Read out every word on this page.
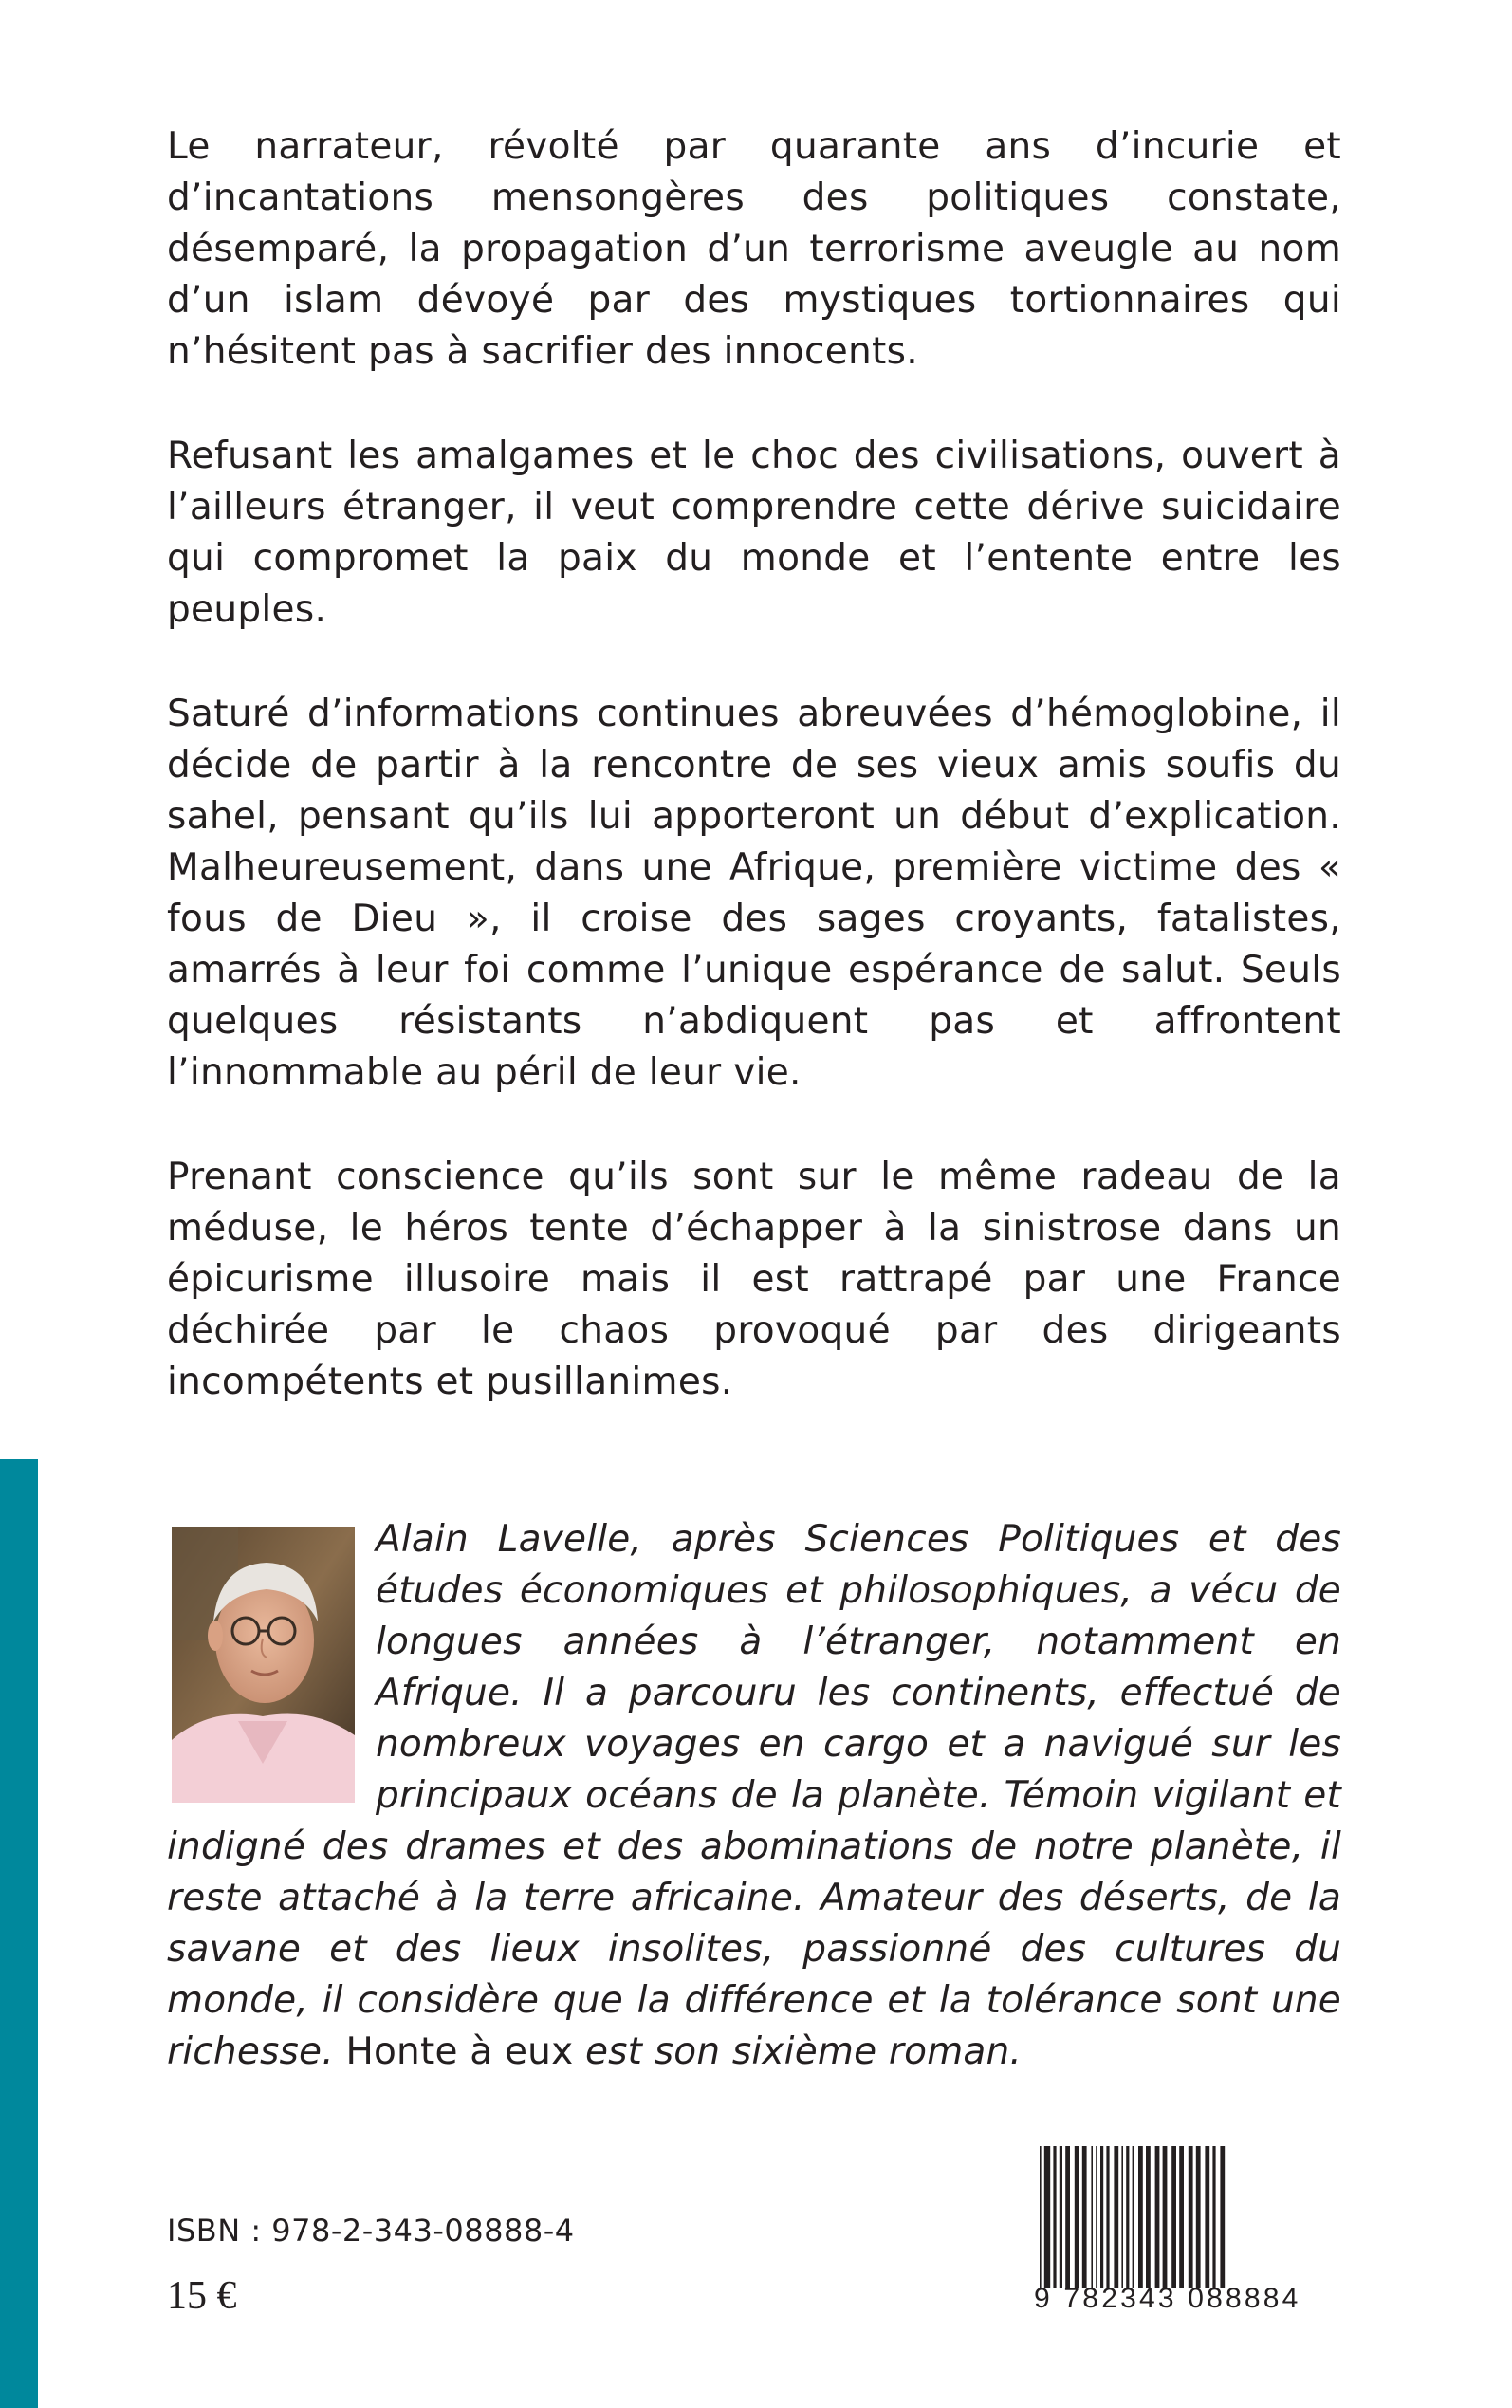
Le narrateur, révolté par quarante ans d’incurie et d’incantations mensongères des politiques constate, désemparé, la propagation d’un terrorisme aveugle au nom d’un islam dévoyé par des mystiques tortionnaires qui n’hésitent pas à sacrifier des innocents.

Refusant les amalgames et le choc des civilisations, ouvert à l’ailleurs étranger, il veut comprendre cette dérive suicidaire qui compromet la paix du monde et l’entente entre les peuples.

Saturé d’informations continues abreuvées d’hémoglobine, il décide de partir à la rencontre de ses vieux amis soufis du sahel, pensant qu’ils lui apporteront un début d’explication. Malheureusement, dans une Afrique, première victime des « fous de Dieu », il croise des sages croyants, fatalistes, amarrés à leur foi comme l’unique espérance de salut. Seuls quelques résistants n’abdiquent pas et affrontent l’innommable au péril de leur vie.

Prenant conscience qu’ils sont sur le même radeau de la méduse, le héros tente d’échapper à la sinistrose dans un épicurisme illusoire mais il est rattrapé par une France déchirée par le chaos provoqué par des dirigeants incompétents et pusillanimes.

Alain Lavelle, après Sciences Politiques et des études économiques et philosophiques, a vécu de longues années à l’étranger, notamment en Afrique. Il a parcouru les continents, effectué de nombreux voyages en cargo et a navigué sur les principaux océans de la planète. Témoin vigilant et indigné des drames et des abominations de notre planète, il reste attaché à la terre africaine. Amateur des déserts, de la savane et des lieux insolites, passionné des cultures du monde, il considère que la différence et la tolérance sont une richesse. Honte à eux est son sixième roman.
ISBN : 978-2-343-08888-4
15 €	9 782343 088884
